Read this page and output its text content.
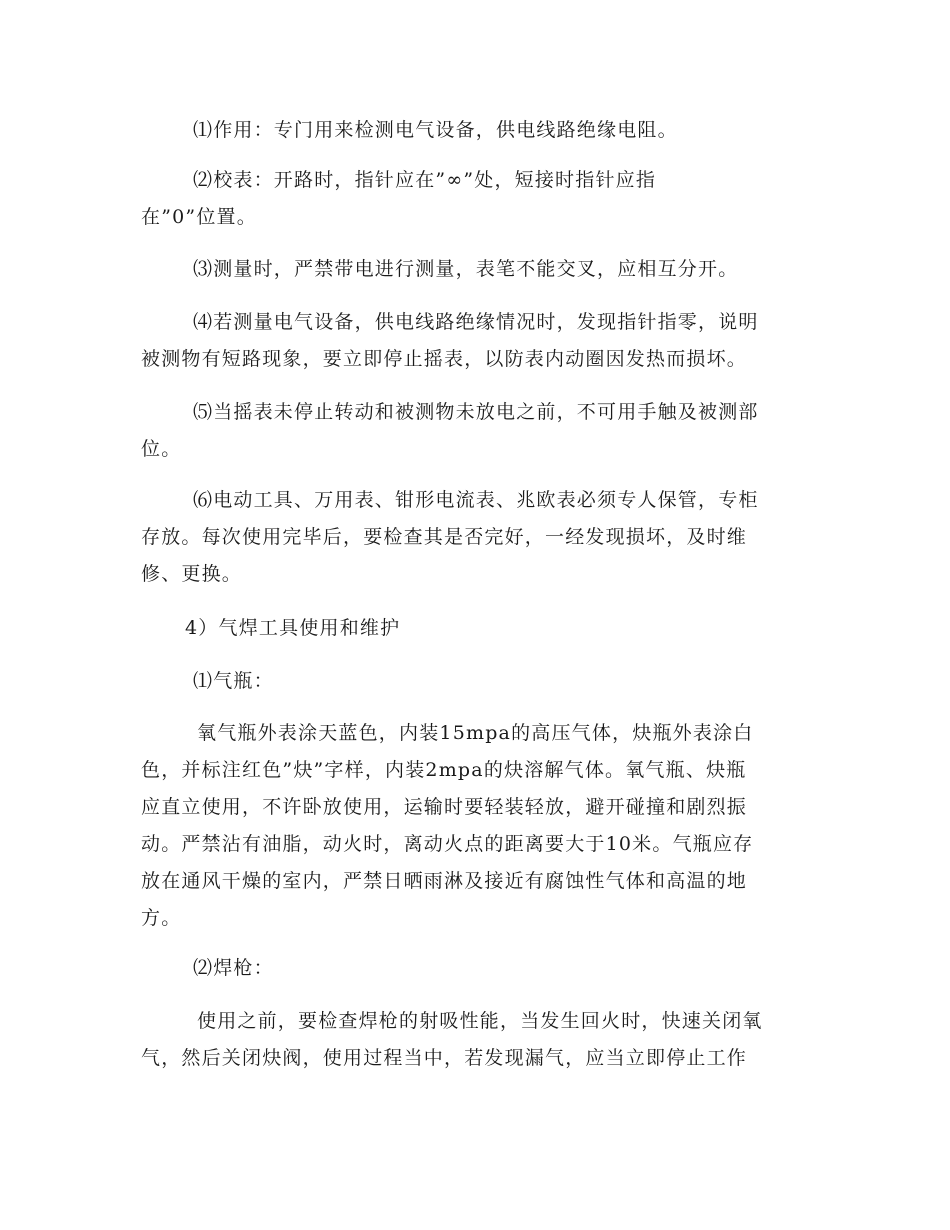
⑴作用：专门用来检测电气设备，供电线路绝缘电阻。
⑵校表：开路时，指针应在”∞”处，短接时指针应指
在”0”位置。
⑶测量时，严禁带电进行测量，表笔不能交叉，应相互分开。
⑷若测量电气设备，供电线路绝缘情况时，发现指针指零，说明
被测物有短路现象，要立即停止摇表，以防表内动圈因发热而损坏。
⑸当摇表未停止转动和被测物未放电之前，不可用手触及被测部
位。
⑹电动工具、万用表、钳形电流表、兆欧表必须专人保管，专柜
存放。每次使用完毕后，要检查其是否完好，一经发现损坏，及时维
修、更换。
4）气焊工具使用和维护
⑴气瓶：
氧气瓶外表涂天蓝色，内装15mpa的高压气体，炔瓶外表涂白
色，并标注红色”炔”字样，内装2mpa的炔溶解气体。氧气瓶、炔瓶
应直立使用，不许卧放使用，运输时要轻装轻放，避开碰撞和剧烈振
动。严禁沾有油脂，动火时，离动火点的距离要大于10米。气瓶应存
放在通风干燥的室内，严禁日晒雨淋及接近有腐蚀性气体和高温的地
方。
⑵焊枪：
使用之前，要检查焊枪的射吸性能，当发生回火时，快速关闭氧
气，然后关闭炔阀，使用过程当中，若发现漏气，应当立即停止工作
